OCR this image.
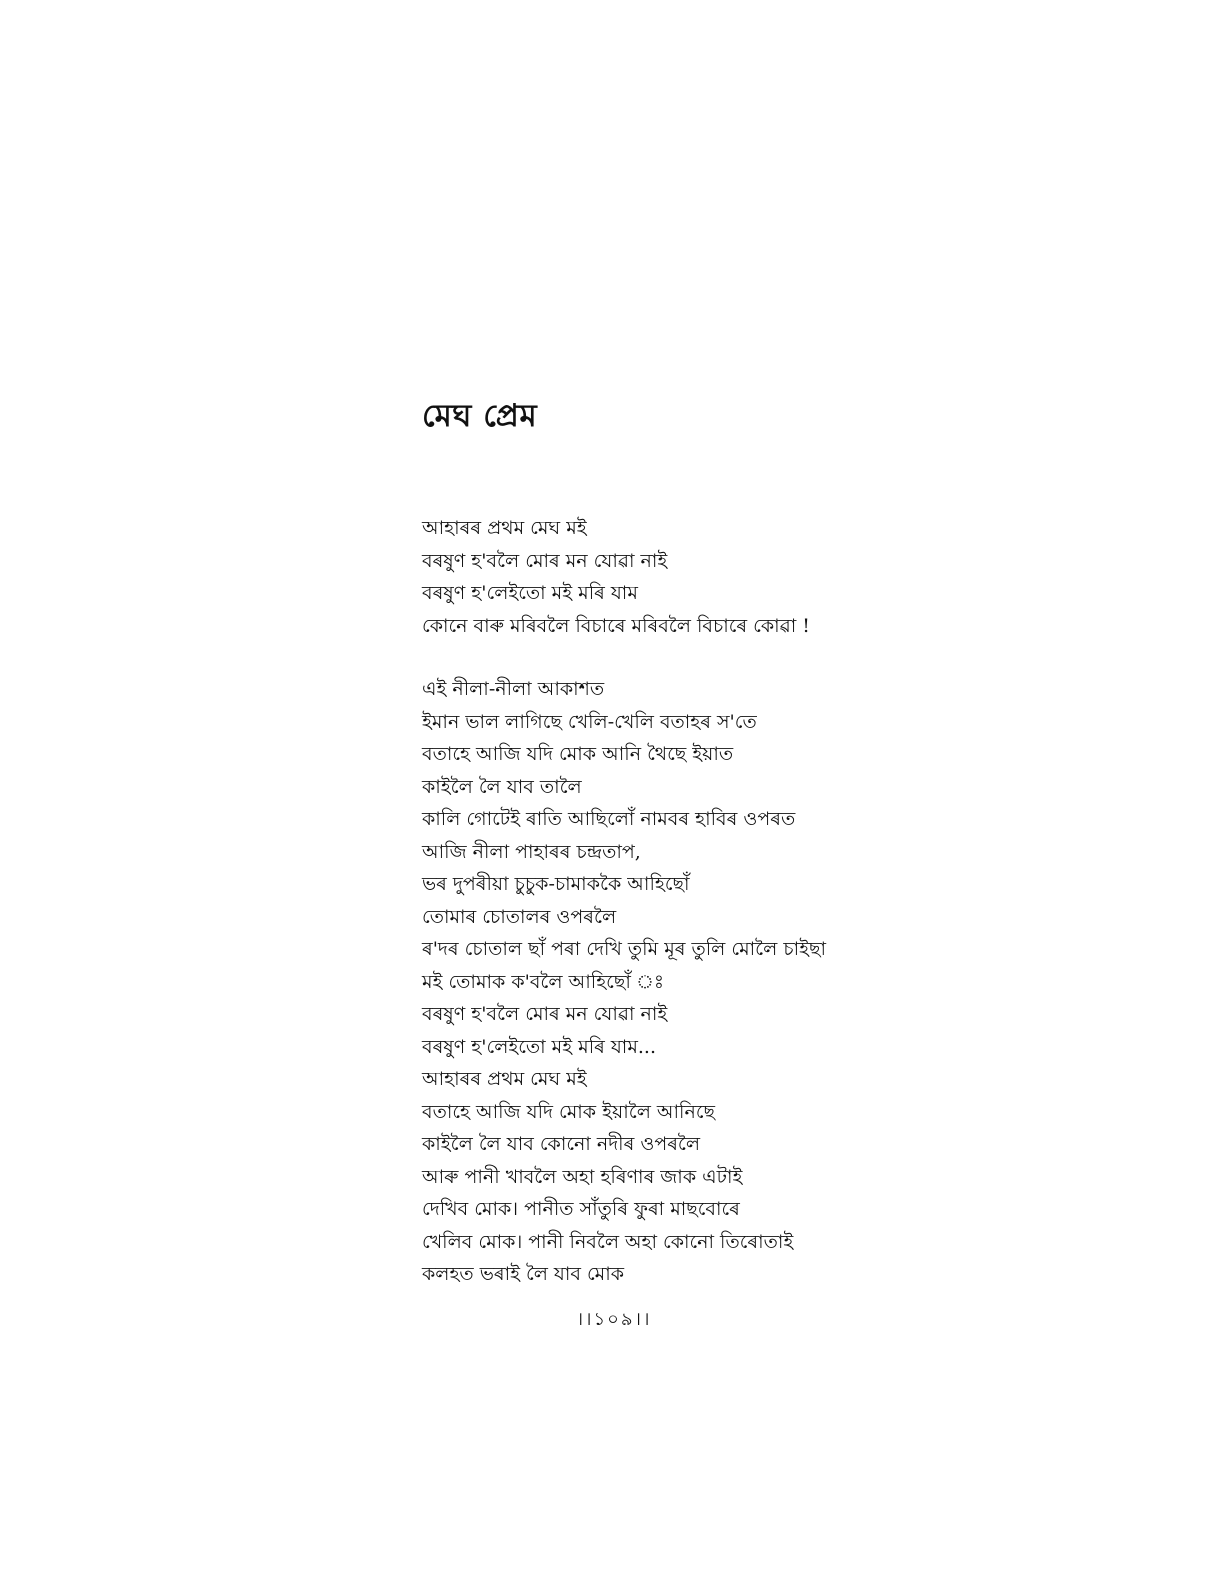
মেঘ প্ৰেম
আহাৰৰ প্ৰথম মেঘ মই
বৰষুণ হ'বলৈ মোৰ মন যোৱা নাই
বৰষুণ হ'লেইতো মই মৰি যাম
কোনে বাৰু মৰিবলৈ বিচাৰে মৰিবলৈ বিচাৰে কোৱা !
এই নীলা-নীলা আকাশত
ইমান ভাল লাগিছে খেলি-খেলি বতাহৰ স'তে
বতাহে আজি যদি মোক আনি থৈছে ইয়াত
কাইলৈ লৈ যাব তালৈ
কালি গোটেই ৰাতি আছিলোঁ নামবৰ হাবিৰ ওপৰত
আজি নীলা পাহাৰৰ চন্দ্ৰতাপ,
ভৰ দুপৰীয়া চুচুক-চামাককৈ আহিছোঁ
তোমাৰ চোতালৰ ওপৰলৈ
ৰ'দৰ চোতাল ছাঁ পৰা দেখি তুমি মূৰ তুলি মোলৈ চাইছা
মই তোমাক ক'বলৈ আহিছোঁ ঃ
বৰষুণ হ'বলৈ মোৰ মন যোৱা নাই
বৰষুণ হ'লেইতো মই মৰি যাম...
আহাৰৰ প্ৰথম মেঘ মই
বতাহে আজি যদি মোক ইয়ালৈ আনিছে
কাইলৈ লৈ যাব কোনো নদীৰ ওপৰলৈ
আৰু পানী খাবলৈ অহা হৰিণাৰ জাক এটাই
দেখিব মোক। পানীত সাঁতুৰি ফুৰা মাছবোৰে
খেলিব মোক। পানী নিবলৈ অহা কোনো তিৰোতাই
কলহত ভৰাই লৈ যাব মোক
।।১০৯।।
